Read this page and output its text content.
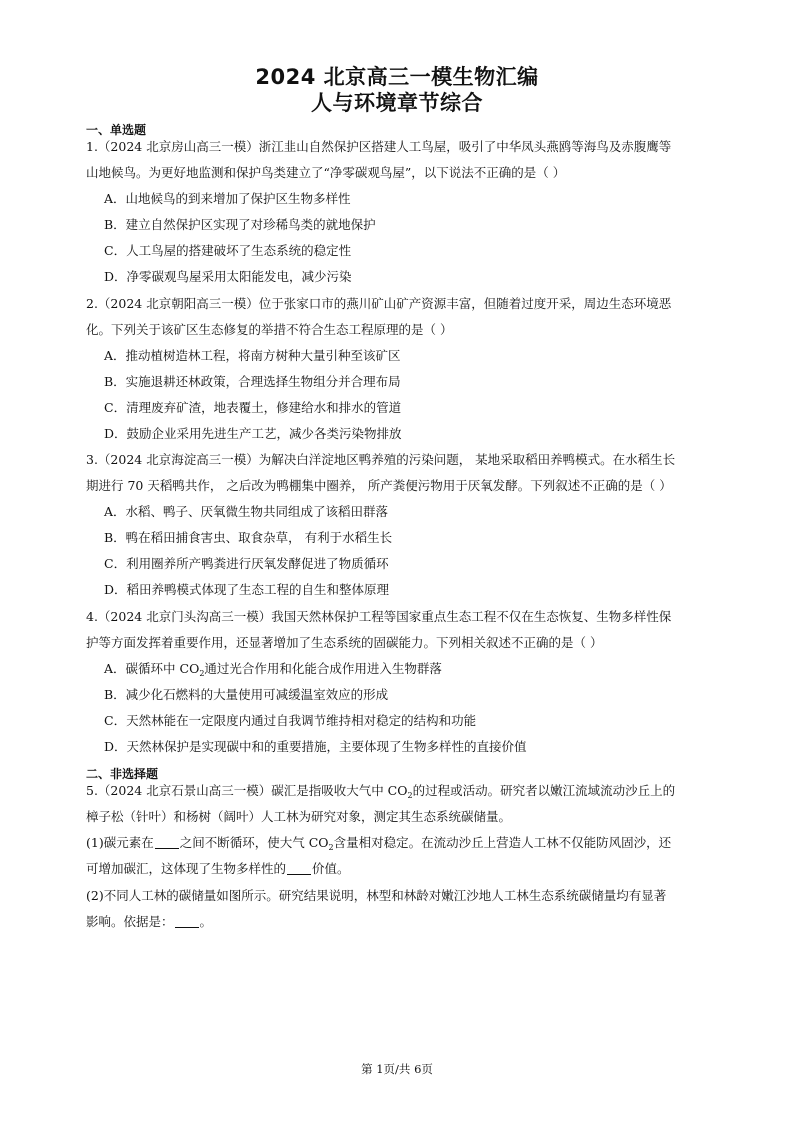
2024 北京高三一模生物汇编
人与环境章节综合
一、单选题
1.（2024 北京房山高三一模）浙江韭山自然保护区搭建人工鸟屋，吸引了中华凤头燕鸥等海鸟及赤腹鹰等
山地候鸟。为更好地监测和保护鸟类建立了“净零碳观鸟屋”，以下说法不正确的是（ ）
A．山地候鸟的到来增加了保护区生物多样性
B．建立自然保护区实现了对珍稀鸟类的就地保护
C．人工鸟屋的搭建破坏了生态系统的稳定性
D．净零碳观鸟屋采用太阳能发电，减少污染
2.（2024 北京朝阳高三一模）位于张家口市的燕川矿山矿产资源丰富，但随着过度开采，周边生态环境恶
化。下列关于该矿区生态修复的举措不符合生态工程原理的是（ ）
A．推动植树造林工程，将南方树种大量引种至该矿区
B．实施退耕还林政策，合理选择生物组分并合理布局
C．清理废弃矿渣，地表覆土，修建给水和排水的管道
D．鼓励企业采用先进生产工艺，减少各类污染物排放
3.（2024 北京海淀高三一模）为解决白洋淀地区鸭养殖的污染问题， 某地采取稻田养鸭模式。在水稻生长
期进行 70 天稻鸭共作， 之后改为鸭棚集中圈养， 所产粪便污物用于厌氧发酵。下列叙述不正确的是（ ）
A．水稻、鸭子、厌氧微生物共同组成了该稻田群落
B．鸭在稻田捕食害虫、取食杂草， 有利于水稻生长
C．利用圈养所产鸭粪进行厌氧发酵促进了物质循环
D．稻田养鸭模式体现了生态工程的自生和整体原理
4.（2024 北京门头沟高三一模）我国天然林保护工程等国家重点生态工程不仅在生态恢复、生物多样性保
护等方面发挥着重要作用，还显著增加了生态系统的固碳能力。下列相关叙述不正确的是（ ）
A．碳循环中 $CO_2$通过光合作用和化能合成作用进入生物群落
B．减少化石燃料的大量使用可减缓温室效应的形成
C．天然林能在一定限度内通过自我调节维持相对稳定的结构和功能
D．天然林保护是实现碳中和的重要措施，主要体现了生物多样性的直接价值
二、非选择题
5.（2024 北京石景山高三一模）碳汇是指吸收大气中 $CO_2$的过程或活动。研究者以嫩江流域流动沙丘上的
樟子松（针叶）和杨树（阔叶）人工林为研究对象，测定其生态系统碳储量。
(1)碳元素在 之间不断循环，使大气 $CO_2$含量相对稳定。在流动沙丘上营造人工林不仅能防风固沙，还
可增加碳汇，这体现了生物多样性的 价值。
(2)不同人工林的碳储量如图所示。研究结果说明，林型和林龄对嫩江沙地人工林生态系统碳储量均有显著
影响。依据是： 。
第 1页/共 6页
